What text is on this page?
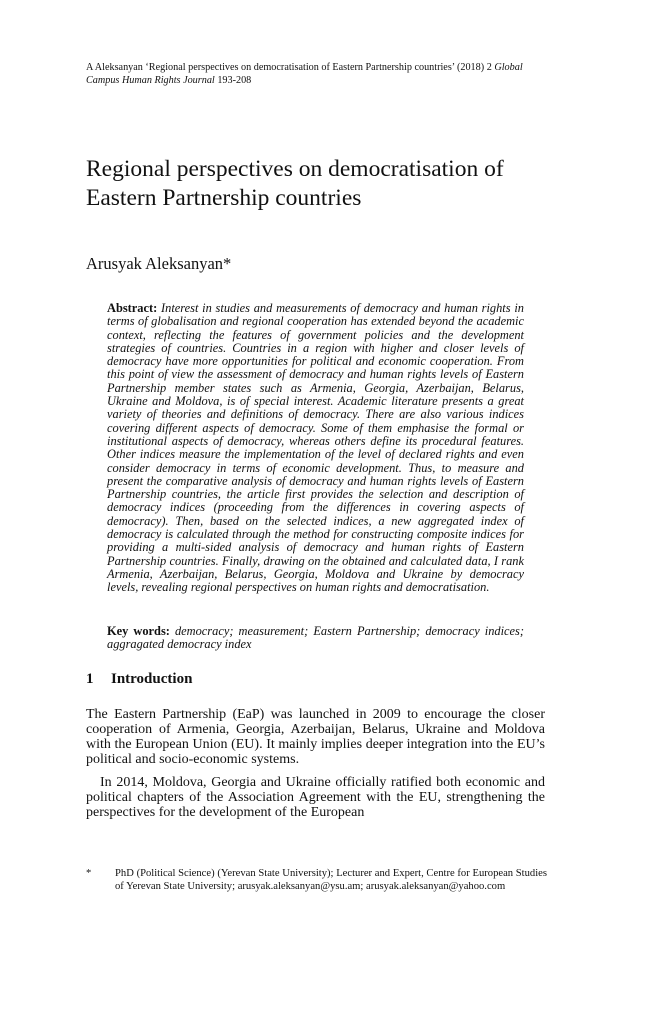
A Aleksanyan ‘Regional perspectives on democratisation of Eastern Partnership countries’ (2018) 2 Global Campus Human Rights Journal 193-208
Regional perspectives on democratisation of Eastern Partnership countries
Arusyak Aleksanyan*
Abstract: Interest in studies and measurements of democracy and human rights in terms of globalisation and regional cooperation has extended beyond the academic context, reflecting the features of government policies and the development strategies of countries. Countries in a region with higher and closer levels of democracy have more opportunities for political and economic cooperation. From this point of view the assessment of democracy and human rights levels of Eastern Partnership member states such as Armenia, Georgia, Azerbaijan, Belarus, Ukraine and Moldova, is of special interest. Academic literature presents a great variety of theories and definitions of democracy. There are also various indices covering different aspects of democracy. Some of them emphasise the formal or institutional aspects of democracy, whereas others define its procedural features. Other indices measure the implementation of the level of declared rights and even consider democracy in terms of economic development. Thus, to measure and present the comparative analysis of democracy and human rights levels of Eastern Partnership countries, the article first provides the selection and description of democracy indices (proceeding from the differences in covering aspects of democracy). Then, based on the selected indices, a new aggregated index of democracy is calculated through the method for constructing composite indices for providing a multi-sided analysis of democracy and human rights of Eastern Partnership countries. Finally, drawing on the obtained and calculated data, I rank Armenia, Azerbaijan, Belarus, Georgia, Moldova and Ukraine by democracy levels, revealing regional perspectives on human rights and democratisation.
Key words: democracy; measurement; Eastern Partnership; democracy indices; aggragated democracy index
1 Introduction

The Eastern Partnership (EaP) was launched in 2009 to encourage the closer cooperation of Armenia, Georgia, Azerbaijan, Belarus, Ukraine and Moldova with the European Union (EU). It mainly implies deeper integration into the EU’s political and socio-economic systems.

In 2014, Moldova, Georgia and Ukraine officially ratified both economic and political chapters of the Association Agreement with the EU, strengthening the perspectives for the development of the European

* PhD (Political Science) (Yerevan State University); Lecturer and Expert, Centre for European Studies of Yerevan State University; arusyak.aleksanyan@ysu.am; arusyak.aleksanyan@yahoo.com
